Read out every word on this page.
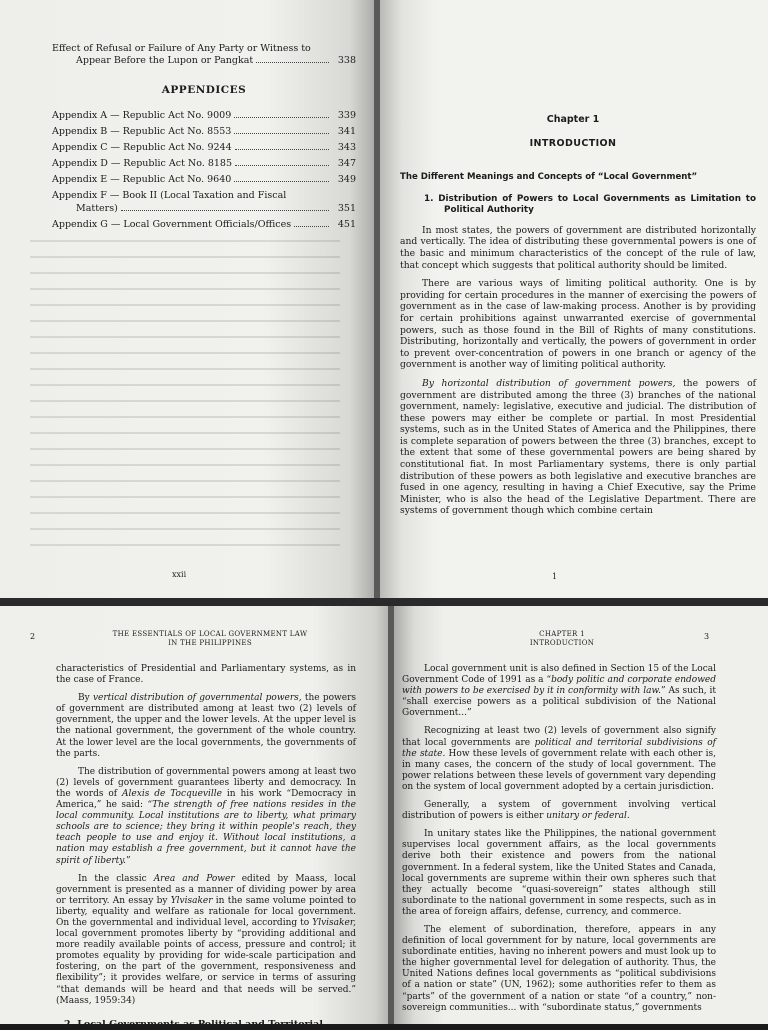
Effect of Refusal or Failure of Any Party or Witness to
Appear Before the Lupon or Pangkat	338
APPENDICES
Appendix A — Republic Act No. 9009	339
Appendix B — Republic Act No. 8553	341
Appendix C — Republic Act No. 9244	343
Appendix D — Republic Act No. 8185	347
Appendix E — Republic Act No. 9640	349
Appendix F — Book II (Local Taxation and Fiscal
Matters)	351
Appendix G — Local Government Officials/Offices	451
xxii
Chapter 1
INTRODUCTION
The Different Meanings and Concepts of “Local Government”
1. Distribution of Powers to Local Governments as Limitation to Political Authority

In most states, the powers of government are distributed horizontally and vertically. The idea of distributing these governmental powers is one of the basic and minimum characteristics of the concept of the rule of law, that concept which suggests that political authority should be limited.

There are various ways of limiting political authority. One is by providing for certain procedures in the manner of exercising the powers of government as in the case of law-making process. Another is by providing for certain prohibitions against unwarranted exercise of governmental powers, such as those found in the Bill of Rights of many constitutions. Distributing, horizontally and vertically, the powers of government in order to prevent over-concentration of powers in one branch or agency of the government is another way of limiting political authority.

By horizontal distribution of government powers, the powers of government are distributed among the three (3) branches of the national government, namely: legislative, executive and judicial. The distribution of these powers may either be complete or partial. In most Presidential systems, such as in the United States of America and the Philippines, there is complete separation of powers between the three (3) branches, except to the extent that some of these governmental powers are being shared by constitutional fiat. In most Parliamentary systems, there is only partial distribution of these powers as both legislative and executive branches are fused in one agency, resulting in having a Chief Executive, say the Prime Minister, who is also the head of the Legislative Department. There are systems of government though which combine certain

1
2	THE ESSENTIALS OF LOCAL GOVERNMENT LAW
IN THE PHILIPPINES

characteristics of Presidential and Parliamentary systems, as in the case of France.

By vertical distribution of governmental powers, the powers of government are distributed among at least two (2) levels of government, the upper and the lower levels. At the upper level is the national government, the government of the whole country. At the lower level are the local governments, the governments of the parts.

The distribution of governmental powers among at least two (2) levels of government guarantees liberty and democracy. In the words of Alexis de Tocqueville in his work “Democracy in America,” he said: “The strength of free nations resides in the local community. Local institutions are to liberty, what primary schools are to science; they bring it within people's reach, they teach people to use and enjoy it. Without local institutions, a nation may establish a free government, but it cannot have the spirit of liberty.”

In the classic Area and Power edited by Maass, local government is presented as a manner of dividing power by area or territory. An essay by Ylvisaker in the same volume pointed to liberty, equality and welfare as rationale for local government. On the governmental and individual level, according to Ylvisaker, local government promotes liberty by “providing additional and more readily available points of access, pressure and control; it promotes equality by providing for wide-scale participation and fostering, on the part of the government, responsiveness and flexibility”; it provides welfare, or service in terms of assuring “that demands will be heard and that needs will be served.” (Maass, 1959:34)

2. Local Governments as Political and Territorial
CHAPTER 1
INTRODUCTION
3

Local government unit is also defined in Section 15 of the Local Government Code of 1991 as a “body politic and corporate endowed with powers to be exercised by it in conformity with law.” As such, it “shall exercise powers as a political subdivision of the National Government...”

Recognizing at least two (2) levels of government also signify that local governments are political and territorial subdivisions of the state. How these levels of government relate with each other is, in many cases, the concern of the study of local government. The power relations between these levels of government vary depending on the system of local government adopted by a certain jurisdiction.

Generally, a system of government involving vertical distribution of powers is either unitary or federal.

In unitary states like the Philippines, the national government supervises local government affairs, as the local governments derive both their existence and powers from the national government. In a federal system, like the United States and Canada, local governments are supreme within their own spheres such that they actually become “quasi-sovereign” states although still subordinate to the national government in some respects, such as in the area of foreign affairs, defense, currency, and commerce.

The element of subordination, therefore, appears in any definition of local government for by nature, local governments are subordinate entities, having no inherent powers and must look up to the higher governmental level for delegation of authority. Thus, the United Nations defines local governments as “political subdivisions of a nation or state” (UN, 1962); some authorities refer to them as “parts” of the government of a nation or state “of a country,” non-sovereign communities... with “subordinate status,” governments
